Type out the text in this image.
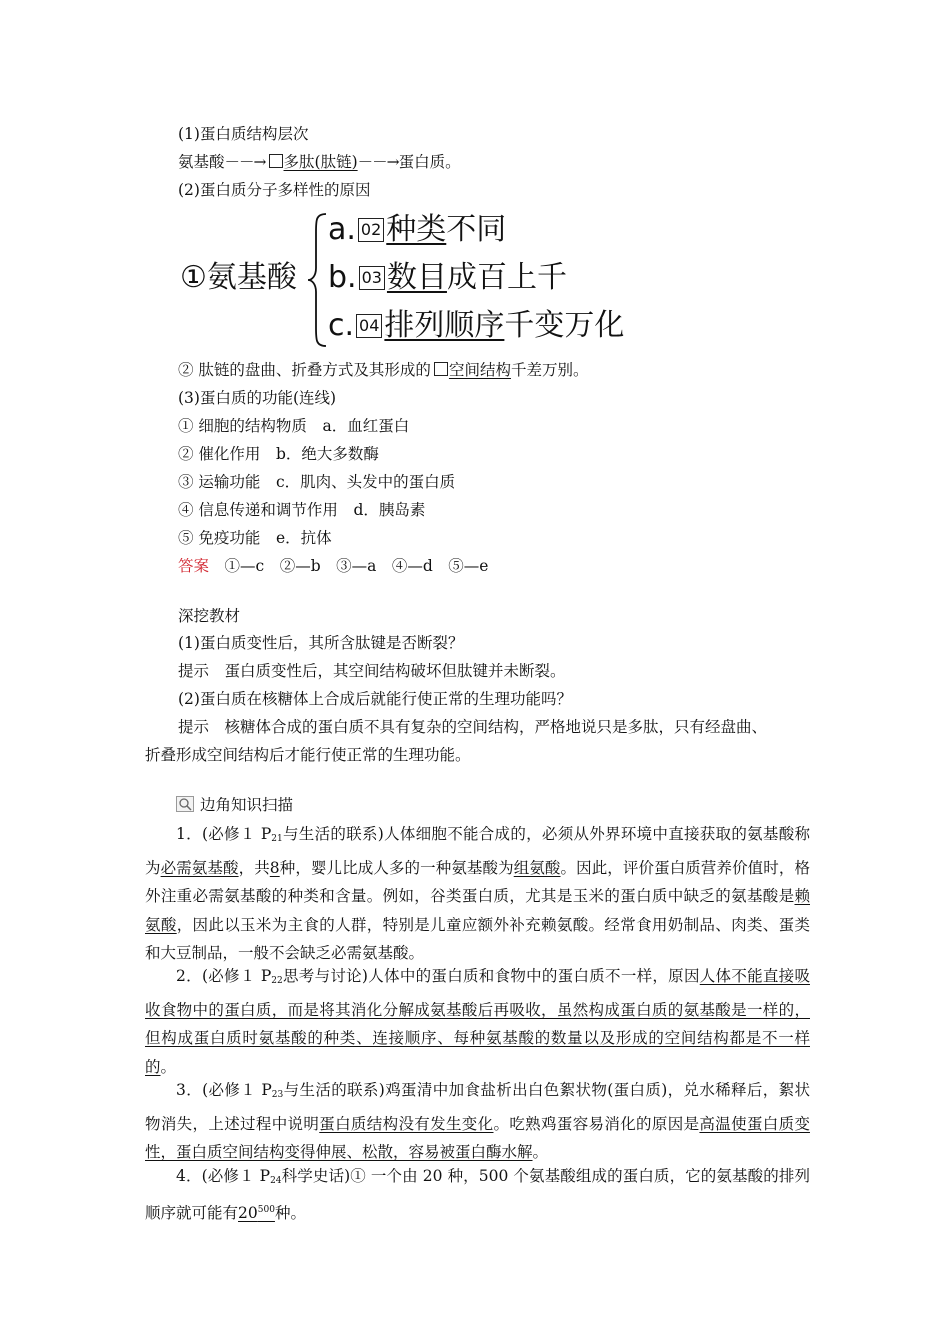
(1)蛋白质结构层次
氨基酸－－→ 多肽(肽链)－－→蛋白质。
(2)蛋白质分子多样性的原因
①氨基酸
a. 02 种类不同
b. 03 数目成百上千
c. 04 排列顺序千变万化
② 肽链的盘曲、折叠方式及其形成的 空间结构千差万别。
(3)蛋白质的功能(连线)
① 细胞的结构物质　 a．血红蛋白
② 催化作用　 b．绝大多数酶
③ 运输功能　 c．肌肉、头发中的蛋白质
④ 信息传递和调节作用　 d．胰岛素
⑤ 免疫功能　 e．抗体
答案　 ①—c　②—b　③—a　④—d　⑤—e
深挖教材
(1)蛋白质变性后，其所含肽键是否断裂？
提示　 蛋白质变性后，其空间结构破坏但肽键并未断裂。
(2)蛋白质在核糖体上合成后就能行使正常的生理功能吗？
提示　 核糖体合成的蛋白质不具有复杂的空间结构，严格地说只是多肽，只有经盘曲、
折叠形成空间结构后才能行使正常的生理功能。
边角知识扫描
1．(必修１ $P_{21}$与生活的联系)人体细胞不能合成的，必须从外界环境中直接获取的氨基酸称为必需氨基酸，共8种，婴儿比成人多的一种氨基酸为组氨酸。因此，评价蛋白质营养价值时，格外注重必需氨基酸的种类和含量。例如，谷类蛋白质，尤其是玉米的蛋白质中缺乏的氨基酸是赖氨酸，因此以玉米为主食的人群，特别是儿童应额外补充赖氨酸。经常食用奶制品、肉类、蛋类和大豆制品，一般不会缺乏必需氨基酸。
2．(必修１ $P_{22}$思考与讨论)人体中的蛋白质和食物中的蛋白质不一样，原因人体不能直接吸收食物中的蛋白质，而是将其消化分解成氨基酸后再吸收，虽然构成蛋白质的氨基酸是一样的，但构成蛋白质时氨基酸的种类、连接顺序、每种氨基酸的数量以及形成的空间结构都是不一样的。
3．(必修１ $P_{23}$与生活的联系)鸡蛋清中加食盐析出白色絮状物(蛋白质)，兑水稀释后，絮状物消失，上述过程中说明蛋白质结构没有发生变化。吃熟鸡蛋容易消化的原因是高温使蛋白质变性，蛋白质空间结构变得伸展、松散，容易被蛋白酶水解。
4．(必修１ $P_{24}$科学史话)① 一个由 20 种，500 个氨基酸组成的蛋白质，它的氨基酸的排列顺序就可能有$20^{500}$种。
